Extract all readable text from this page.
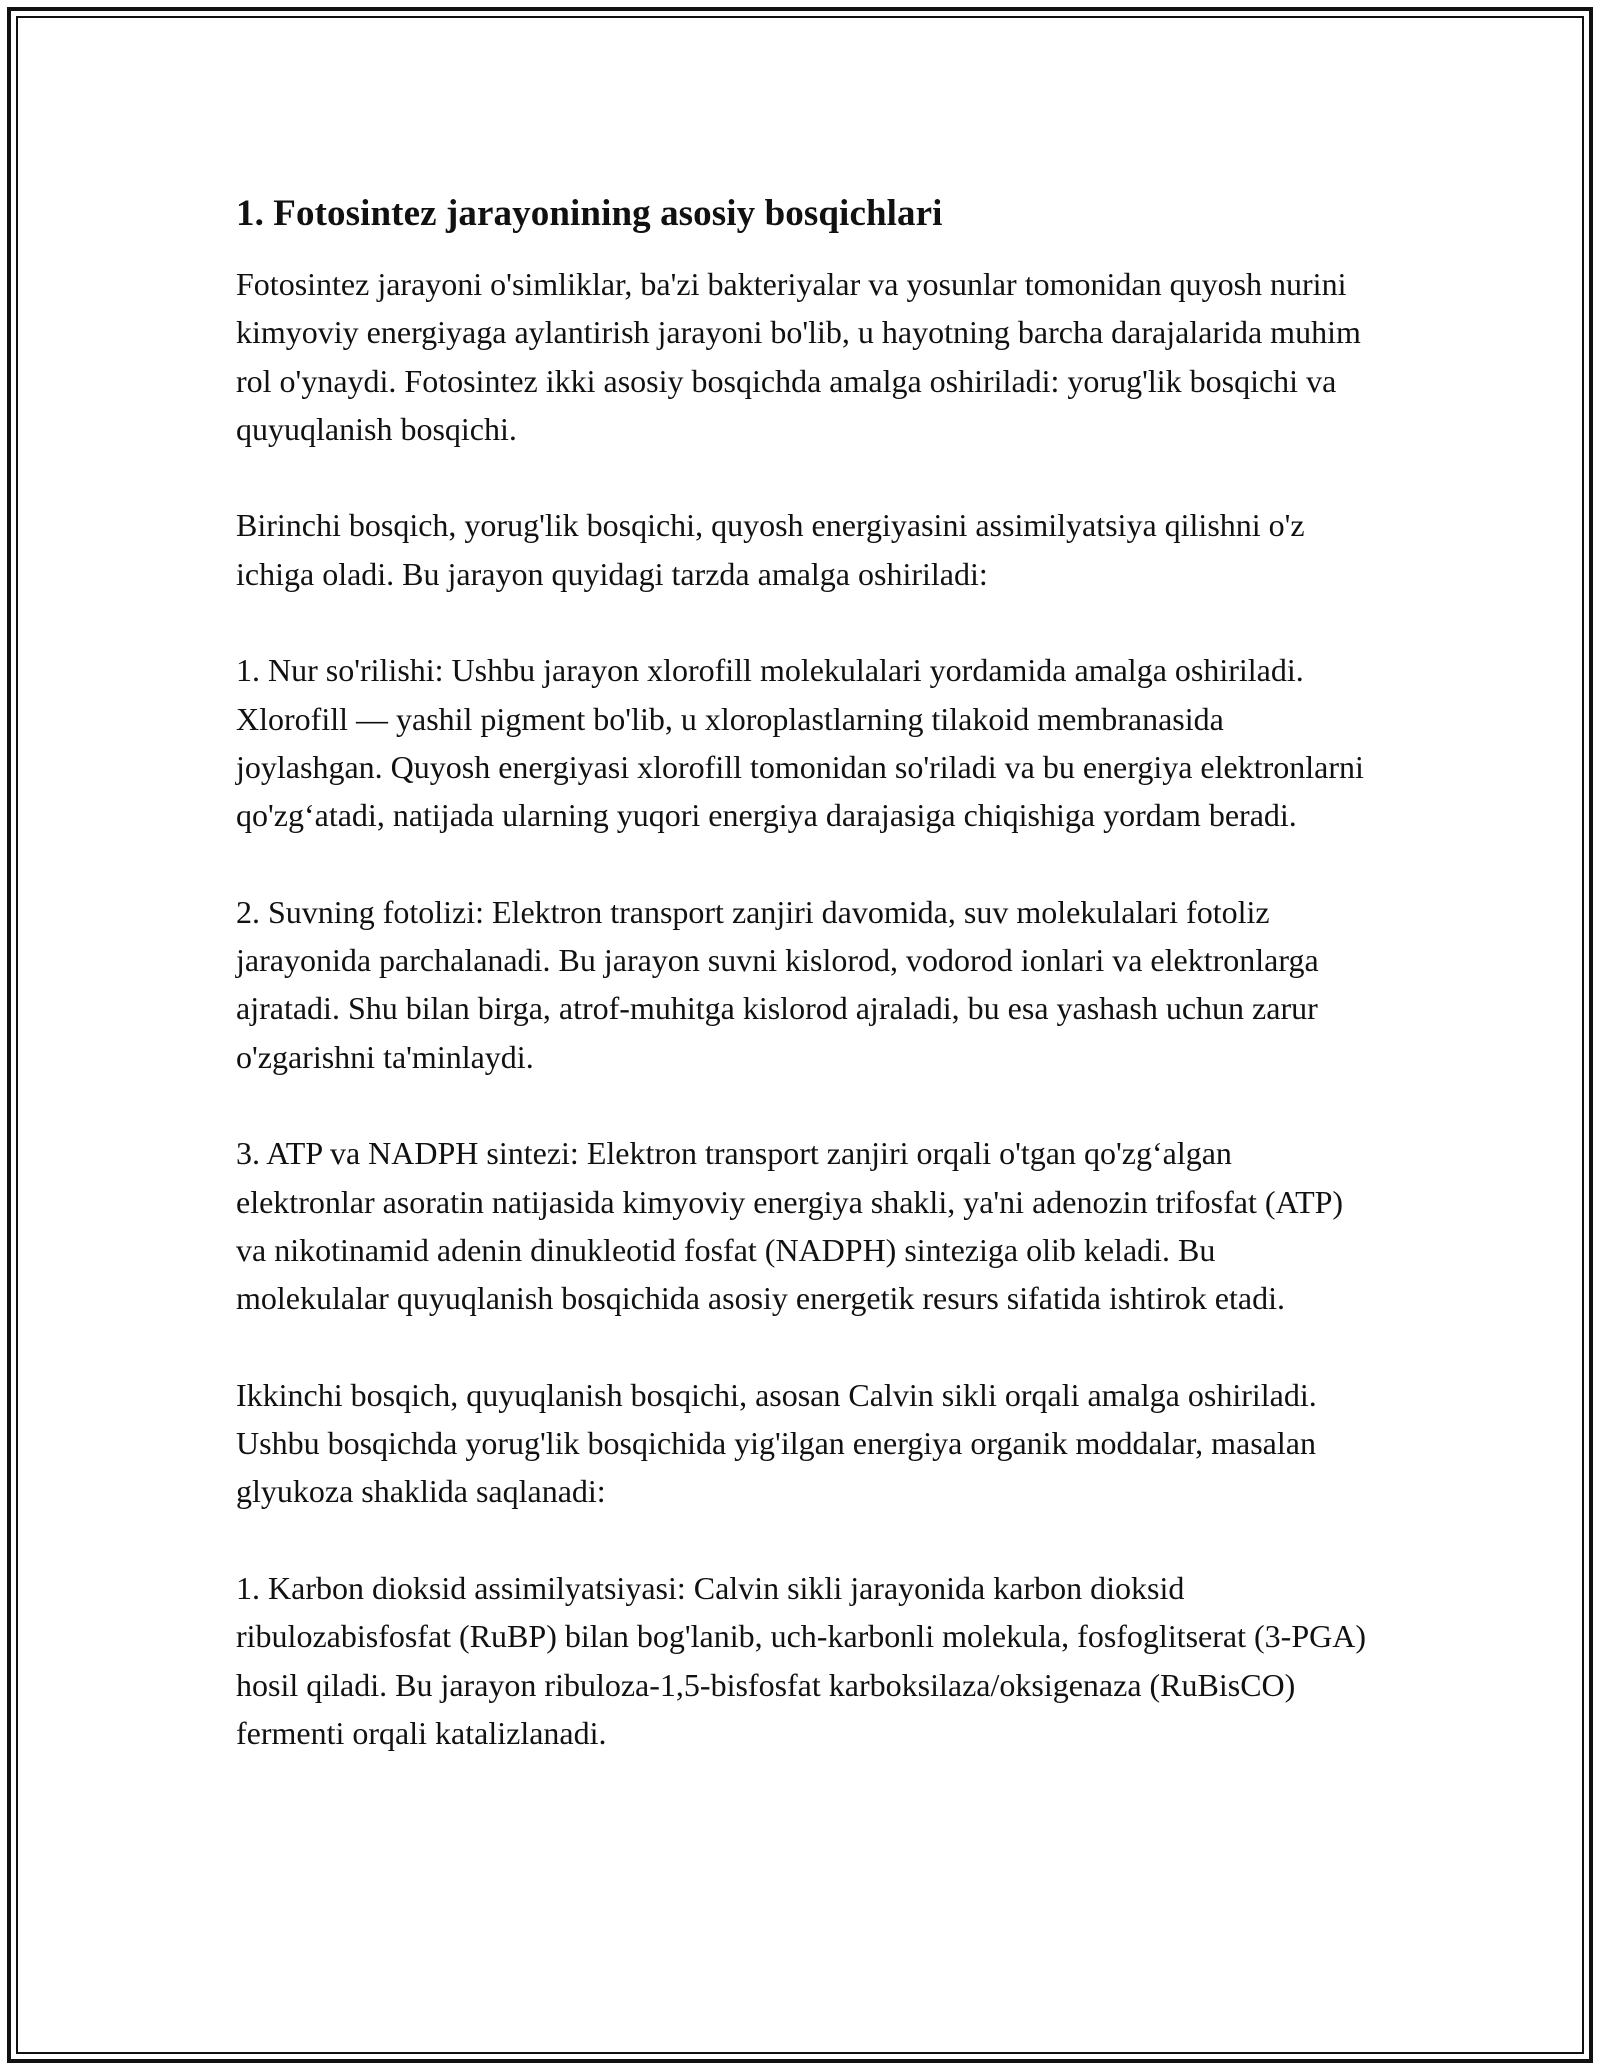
1. Fotosintez jarayonining asosiy bosqichlari

Fotosintez jarayoni o'simliklar, ba'zi bakteriyalar va yosunlar tomonidan quyosh nurini kimyoviy energiyaga aylantirish jarayoni bo'lib, u hayotning barcha darajalarida muhim rol o'ynaydi. Fotosintez ikki asosiy bosqichda amalga oshiriladi: yorug'lik bosqichi va quyuqlanish bosqichi.

Birinchi bosqich, yorug'lik bosqichi, quyosh energiyasini assimilyatsiya qilishni o'z ichiga oladi. Bu jarayon quyidagi tarzda amalga oshiriladi:

1. Nur so'rilishi: Ushbu jarayon xlorofill molekulalari yordamida amalga oshiriladi. Xlorofill — yashil pigment bo'lib, u xloroplastlarning tilakoid membranasida joylashgan. Quyosh energiyasi xlorofill tomonidan so'riladi va bu energiya elektronlarni qo'zg‘atadi, natijada ularning yuqori energiya darajasiga chiqishiga yordam beradi.

2. Suvning fotolizi: Elektron transport zanjiri davomida, suv molekulalari fotoliz jarayonida parchalanadi. Bu jarayon suvni kislorod, vodorod ionlari va elektronlarga ajratadi. Shu bilan birga, atrof-muhitga kislorod ajraladi, bu esa yashash uchun zarur o'zgarishni ta'minlaydi.

3. ATP va NADPH sintezi: Elektron transport zanjiri orqali o'tgan qo'zg‘algan elektronlar asoratin natijasida kimyoviy energiya shakli, ya'ni adenozin trifosfat (ATP) va nikotinamid adenin dinukleotid fosfat (NADPH) sinteziga olib keladi. Bu molekulalar quyuqlanish bosqichida asosiy energetik resurs sifatida ishtirok etadi.

Ikkinchi bosqich, quyuqlanish bosqichi, asosan Calvin sikli orqali amalga oshiriladi. Ushbu bosqichda yorug'lik bosqichida yig'ilgan energiya organik moddalar, masalan glyukoza shaklida saqlanadi:

1. Karbon dioksid assimilyatsiyasi: Calvin sikli jarayonida karbon dioksid ribulozabisfosfat (RuBP) bilan bog'lanib, uch-karbonli molekula, fosfoglitserat (3-PGA) hosil qiladi. Bu jarayon ribuloza-1,5-bisfosfat karboksilaza/oksigenaza (RuBisCO) fermenti orqali katalizlanadi.
